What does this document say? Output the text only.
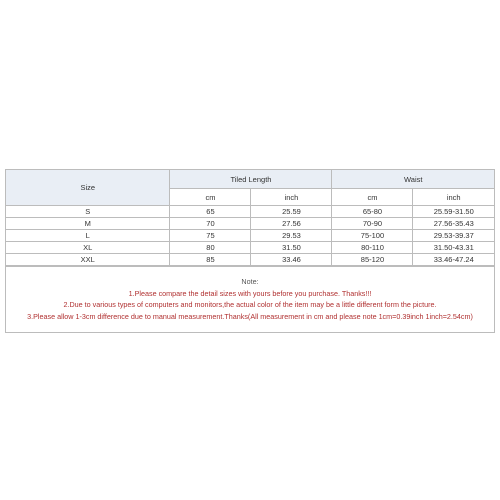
Size	Tiled Length		Waist	
	cm	inch	cm	inch
S	65	25.59	65-80	25.59-31.50
M	70	27.56	70-90	27.56-35.43
L	75	29.53	75-100	29.53-39.37
XL	80	31.50	80-110	31.50-43.31
XXL	85	33.46	85-120	33.46-47.24
Note:
1.Please compare the detail sizes with yours before you purchase. Thanks!!!
2.Due to various types of computers and monitors,the actual color of the item may be a little different form the picture.
3.Please allow 1-3cm difference due to manual measurement.Thanks(All measurement in cm and please note 1cm=0.39inch 1inch=2.54cm)
